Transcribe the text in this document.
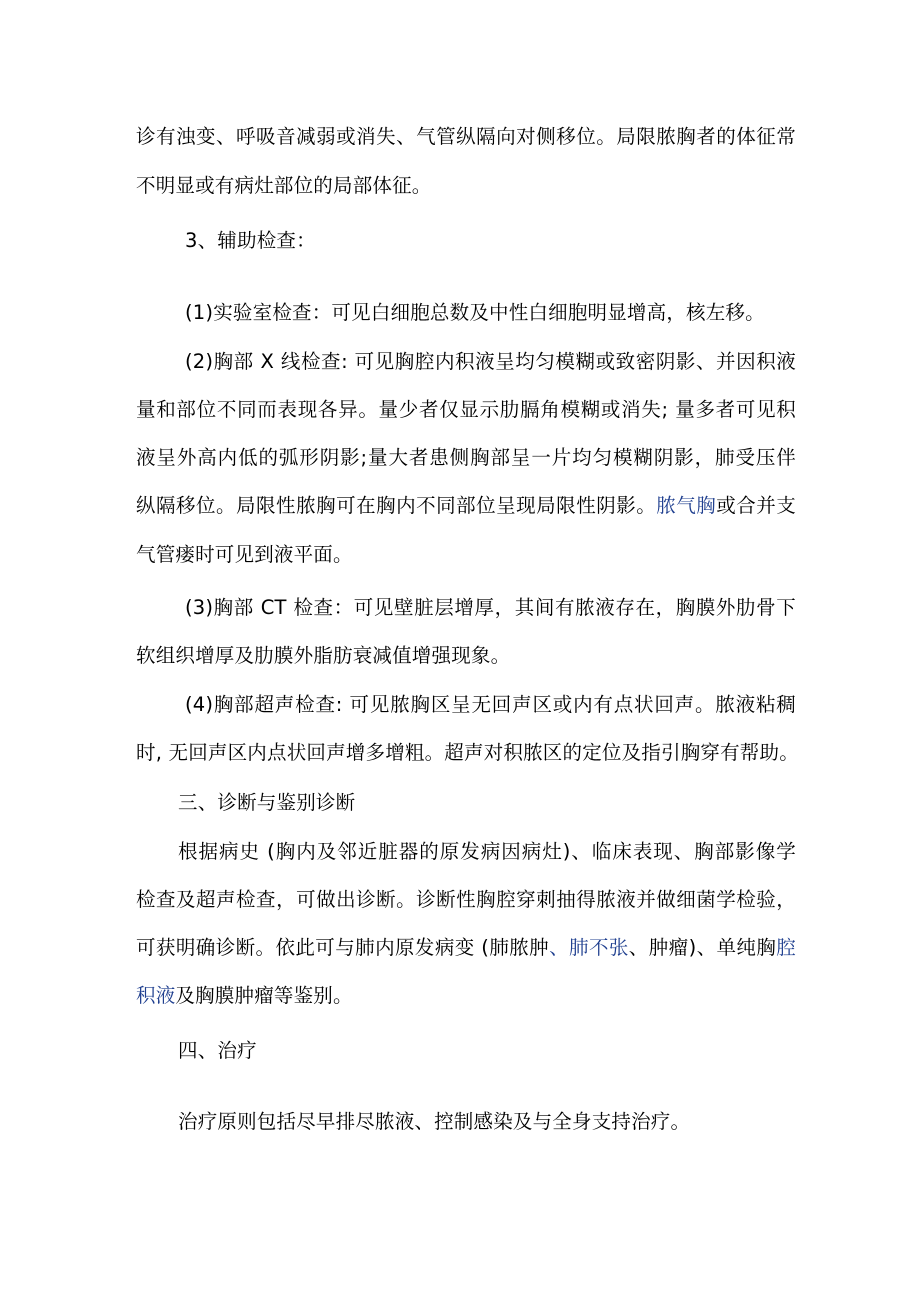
诊有浊变、呼吸音减弱或消失、气管纵隔向对侧移位。局限脓胸者的体征常
不明显或有病灶部位的局部体征。
3、辅助检查：
(1)实验室检查：可见白细胞总数及中性白细胞明显增高，核左移。
(2)胸部 X 线检查: 可见胸腔内积液呈均匀模糊或致密阴影、并因积液
量和部位不同而表现各异。量少者仅显示肋膈角模糊或消失; 量多者可见积
液呈外高内低的弧形阴影;量大者患侧胸部呈一片均匀模糊阴影，肺受压伴
纵隔移位。局限性脓胸可在胸内不同部位呈现局限性阴影。脓气胸或合并支
气管瘘时可见到液平面。
(3)胸部 CT 检查：可见壁脏层增厚，其间有脓液存在，胸膜外肋骨下
软组织增厚及肋膜外脂肪衰减值增强现象。
(4)胸部超声检查: 可见脓胸区呈无回声区或内有点状回声。脓液粘稠
时, 无回声区内点状回声增多增粗。超声对积脓区的定位及指引胸穿有帮助。
三、诊断与鉴别诊断
根据病史 (胸内及邻近脏器的原发病因病灶)、临床表现、胸部影像学
检查及超声检查，可做出诊断。诊断性胸腔穿刺抽得脓液并做细菌学检验，
可获明确诊断。依此可与肺内原发病变 (肺脓肿、肺不张、肿瘤)、单纯胸腔
积液及胸膜肿瘤等鉴别。
四、治疗
治疗原则包括尽早排尽脓液、控制感染及与全身支持治疗。
